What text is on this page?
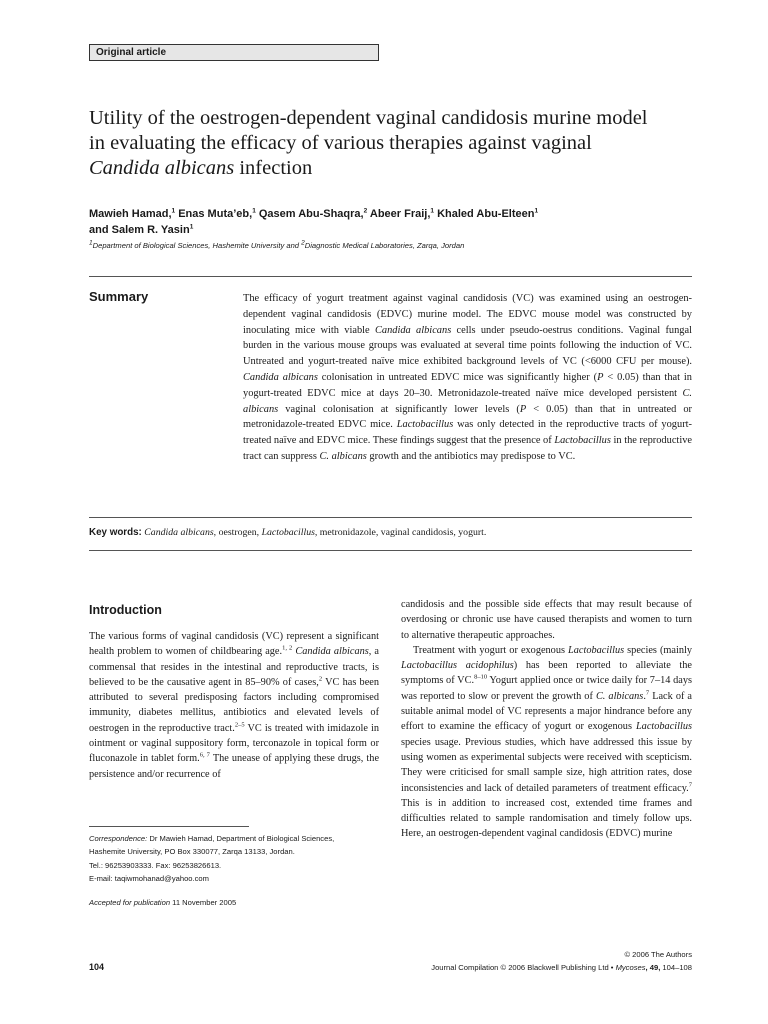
Original article
Utility of the oestrogen-dependent vaginal candidosis murine model
in evaluating the efficacy of various therapies against vaginal
Candida albicans infection
Mawieh Hamad,$^1$ Enas Muta’eb,$^1$ Qasem Abu-Shaqra,$^2$ Abeer Fraij,$^1$ Khaled Abu-Elteen$^1$
and Salem R. Yasin$^1$
$^1$Department of Biological Sciences, Hashemite University and $^2$Diagnostic Medical Laboratories, Zarqa, Jordan
Summary	The efficacy of yogurt treatment against vaginal candidosis (VC) was examined using an oestrogen-dependent vaginal candidosis (EDVC) murine model. The EDVC mouse model was constructed by inoculating mice with viable Candida albicans cells under pseudo-oestrus conditions. Vaginal fungal burden in the various mouse groups was evaluated at several time points following the induction of VC. Untreated and yogurt-treated naïve mice exhibited background levels of VC (<6000 CFU per mouse). Candida albicans colonisation in untreated EDVC mice was significantly higher (P < 0.05) than that in yogurt-treated EDVC mice at days 20–30. Metronidazole-treated naïve mice developed persistent C. albicans vaginal colonisation at significantly lower levels (P < 0.05) than that in untreated or metronidazole-treated EDVC mice. Lactobacillus was only detected in the reproductive tracts of yogurt-treated naïve and EDVC mice. These findings suggest that the presence of Lactobacillus in the reproductive tract can suppress C. albicans growth and the antibiotics may predispose to VC.
Key words: Candida albicans, oestrogen, Lactobacillus, metronidazole, vaginal candidosis, yogurt.
Introduction

The various forms of vaginal candidosis (VC) represent a significant health problem to women of childbearing age.$^{1, 2}$ Candida albicans, a commensal that resides in the intestinal and reproductive tracts, is believed to be the causative agent in 85–90% of cases,$^2$ VC has been attributed to several predisposing factors including compromised immunity, diabetes mellitus, antibiotics and elevated levels of oestrogen in the reproductive tract.$^{2-5}$ VC is treated with imidazole in ointment or vaginal suppository form, terconazole in topical form or fluconazole in tablet form.$^{6, 7}$ The unease of applying these drugs, the persistence and/or recurrence of

candidosis and the possible side effects that may result because of overdosing or chronic use have caused therapists and women to turn to alternative therapeutic approaches.

Treatment with yogurt or exogenous Lactobacillus species (mainly Lactobacillus acidophilus) has been reported to alleviate the symptoms of VC.$^{8-10}$ Yogurt applied once or twice daily for 7–14 days was reported to slow or prevent the growth of C. albicans.$^7$ Lack of a suitable animal model of VC represents a major hindrance before any effort to examine the efficacy of yogurt or exogenous Lactobacillus species usage. Previous studies, which have addressed this issue by using women as experimental subjects were received with scepticism. They were criticised for small sample size, high attrition rates, dose inconsistencies and lack of detailed parameters of treatment efficacy.$^7$ This is in addition to increased cost, extended time frames and difficulties related to sample randomisation and timely follow ups. Here, an oestrogen-dependent vaginal candidosis (EDVC) murine

Correspondence: Dr Mawieh Hamad, Department of Biological Sciences,
Hashemite University, PO Box 330077, Zarqa 13133, Jordan.
Tel.: 96253903333. Fax: 96253826613.
E-mail: taqiwmohanad@yahoo.com
Accepted for publication 11 November 2005
104
© 2006 The Authors
Journal Compilation © 2006 Blackwell Publishing Ltd • Mycoses, 49, 104–108
